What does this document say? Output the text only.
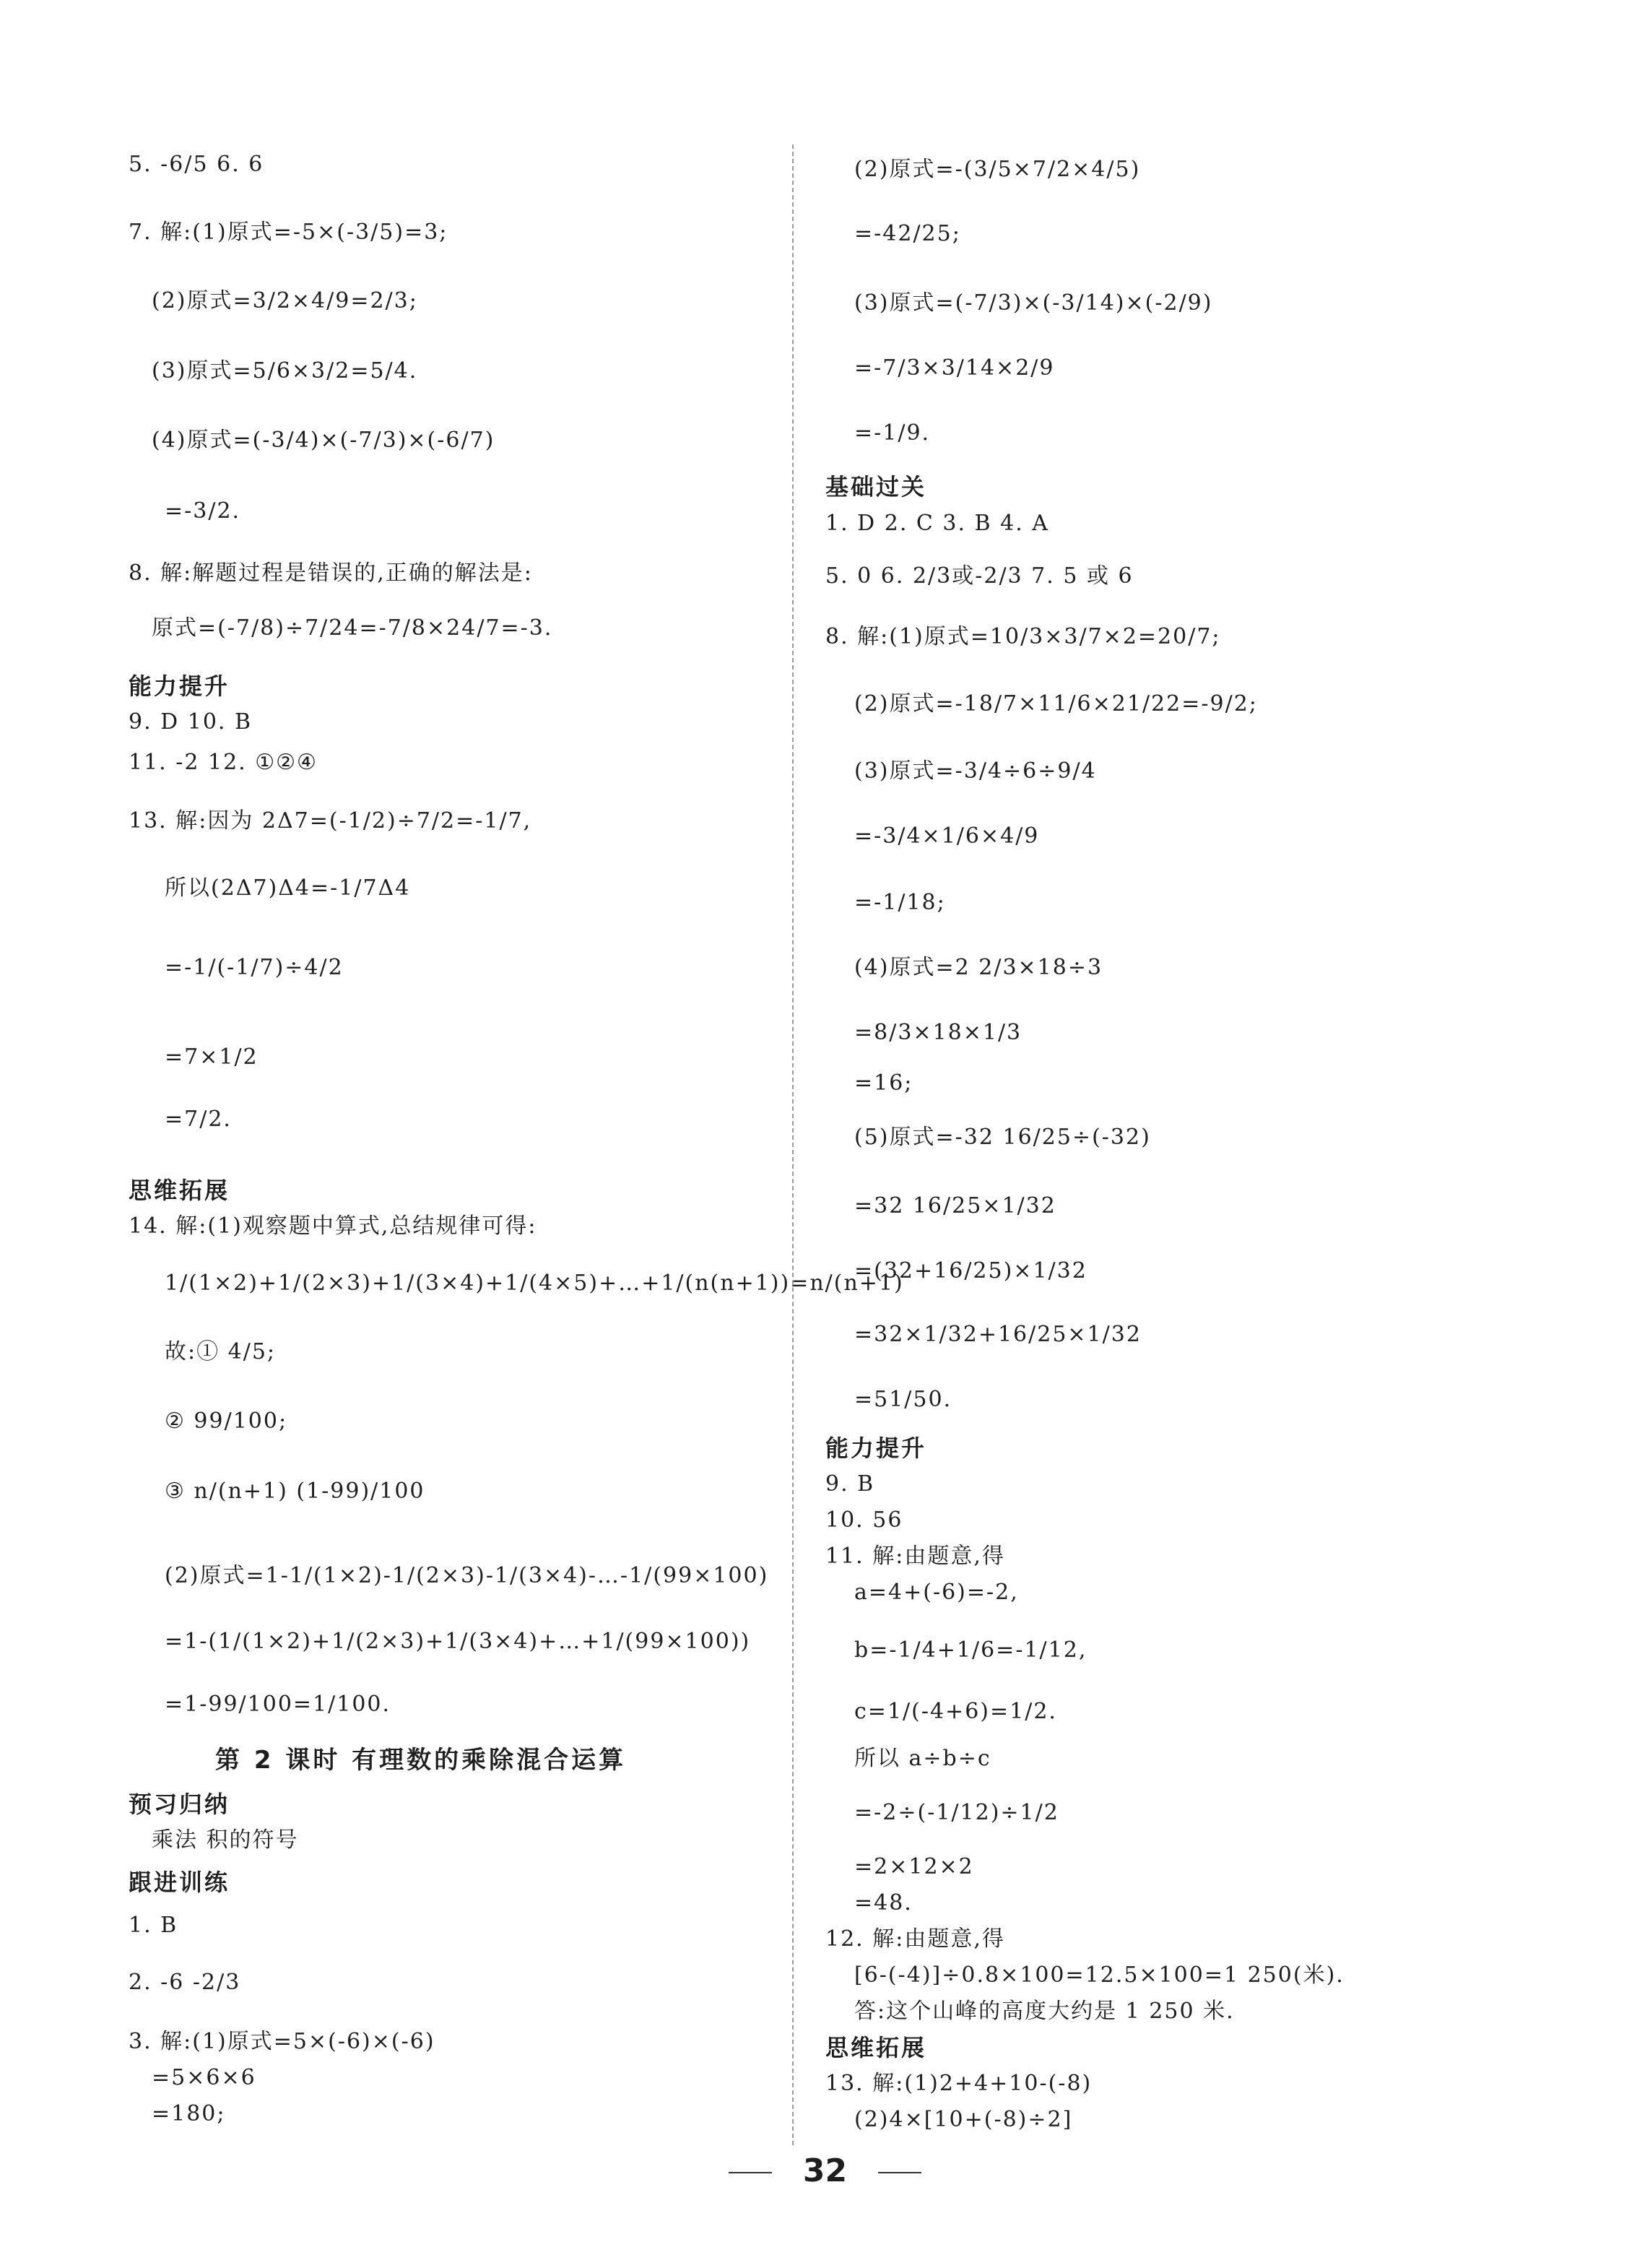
5. -6/5 6. 6
7. 解:(1)原式=-5×(-3/5)=3;
(2)原式=3/2×4/9=2/3;
(3)原式=5/6×3/2=5/4.
(4)原式=(-3/4)×(-7/3)×(-6/7)
=-3/2.
8. 解:解题过程是错误的,正确的解法是:
原式=(-7/8)÷7/24=-7/8×24/7=-3.
能力提升
9. D 10. B
11. -2 12. ①②④
13. 解:因为 2Δ7=(-1/2)÷7/2=-1/7,
所以(2Δ7)Δ4=-1/7Δ4
=-1/(-1/7)÷4/2
=7×1/2
=7/2.
思维拓展
14. 解:(1)观察题中算式,总结规律可得:
1/(1×2)+1/(2×3)+1/(3×4)+1/(4×5)+…+1/(n(n+1))=n/(n+1)
故:① 4/5;
② 99/100;
③ n/(n+1) (1-99)/100
(2)原式=1-1/(1×2)-1/(2×3)-1/(3×4)-…-1/(99×100)
=1-(1/(1×2)+1/(2×3)+1/(3×4)+…+1/(99×100))
=1-99/100=1/100.
第 2 课时 有理数的乘除混合运算
预习归纳
乘法 积的符号
跟进训练
1. B
2. -6 -2/3
3. 解:(1)原式=5×(-6)×(-6)
=5×6×6
=180;
(2)原式=-(3/5×7/2×4/5)
=-42/25;
(3)原式=(-7/3)×(-3/14)×(-2/9)
=-7/3×3/14×2/9
=-1/9.
基础过关
1. D 2. C 3. B 4. A
5. 0 6. 2/3或-2/3 7. 5 或 6
8. 解:(1)原式=10/3×3/7×2=20/7;
(2)原式=-18/7×11/6×21/22=-9/2;
(3)原式=-3/4÷6÷9/4
=-3/4×1/6×4/9
=-1/18;
(4)原式=2 2/3×18÷3
=8/3×18×1/3
=16;
(5)原式=-32 16/25÷(-32)
=32 16/25×1/32
=(32+16/25)×1/32
=32×1/32+16/25×1/32
=51/50.
能力提升
9. B
10. 56
11. 解:由题意,得
a=4+(-6)=-2,
b=-1/4+1/6=-1/12,
c=1/(-4+6)=1/2.
所以 a÷b÷c
=-2÷(-1/12)÷1/2
=2×12×2
=48.
12. 解:由题意,得
[6-(-4)]÷0.8×100=12.5×100=1 250(米).
答:这个山峰的高度大约是 1 250 米.
思维拓展
13. 解:(1)2+4+10-(-8)
(2)4×[10+(-8)÷2]
32
